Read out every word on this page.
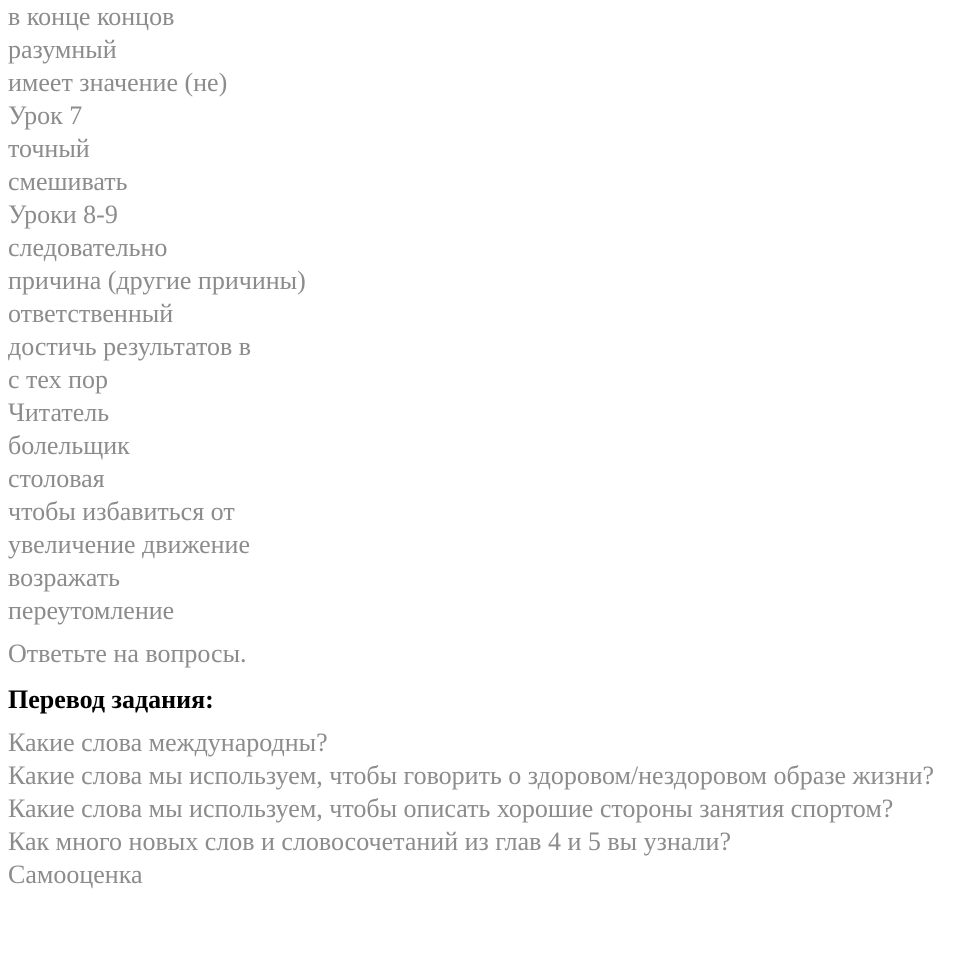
в конце концов
разумный
имеет значение (не)
Урок 7
точный
смешивать
Уроки 8-9
следовательно
причина (другие причины)
ответственный
достичь результатов в
с тех пор
Читатель
болельщик
столовая
чтобы избавиться от
увеличение движение
возражать
переутомление

Ответьте на вопросы.

Перевод задания:

Какие слова международны?

Какие слова мы используем, чтобы говорить о здоровом/нездоровом образе жизни?

Какие слова мы используем, чтобы описать хорошие стороны занятия спортом?

Как много новых слов и словосочетаний из глав 4 и 5 вы узнали?

Самооценка
